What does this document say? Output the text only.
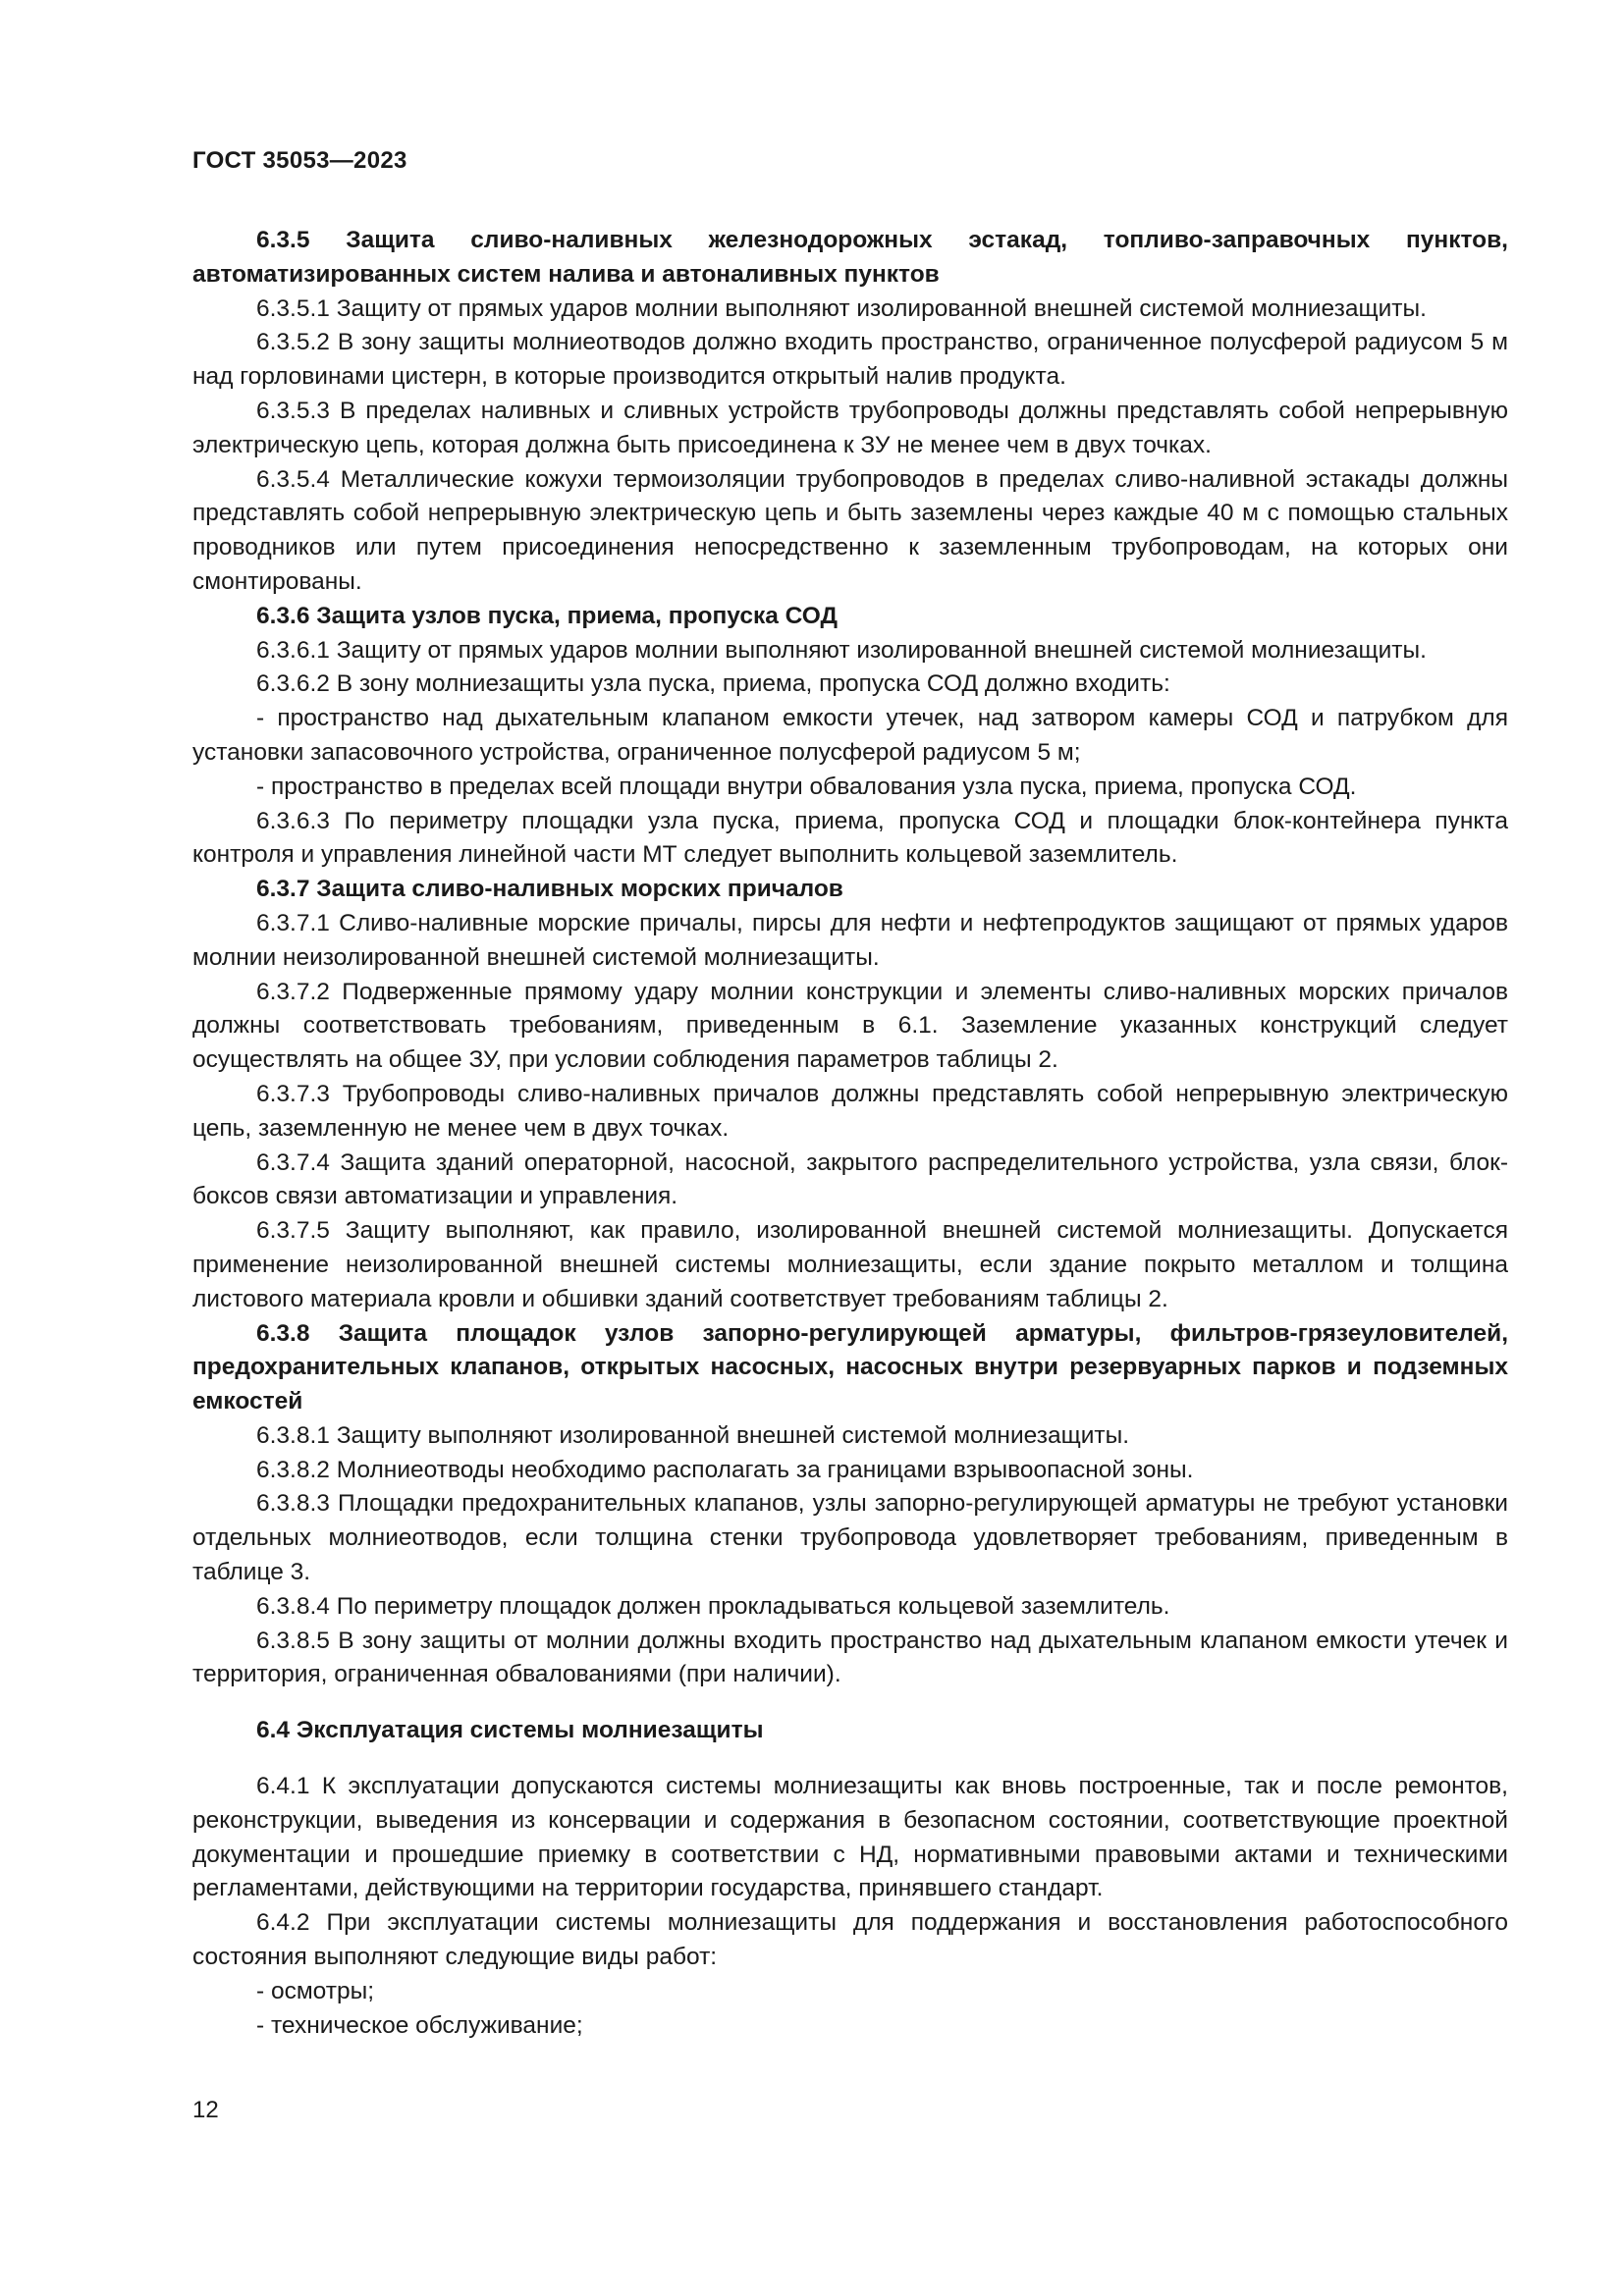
ГОСТ 35053—2023

6.3.5 Защита сливо-наливных железнодорожных эстакад, топливо-заправочных пунктов, автоматизированных систем налива и автоналивных пунктов

6.3.5.1 Защиту от прямых ударов молнии выполняют изолированной внешней системой молниезащиты.

6.3.5.2 В зону защиты молниеотводов должно входить пространство, ограниченное полусферой радиусом 5 м над горловинами цистерн, в которые производится открытый налив продукта.

6.3.5.3 В пределах наливных и сливных устройств трубопроводы должны представлять собой непрерывную электрическую цепь, которая должна быть присоединена к ЗУ не менее чем в двух точках.

6.3.5.4 Металлические кожухи термоизоляции трубопроводов в пределах сливо-наливной эстакады должны представлять собой непрерывную электрическую цепь и быть заземлены через каждые 40 м с помощью стальных проводников или путем присоединения непосредственно к заземленным трубопроводам, на которых они смонтированы.

6.3.6 Защита узлов пуска, приема, пропуска СОД

6.3.6.1 Защиту от прямых ударов молнии выполняют изолированной внешней системой молниезащиты.

6.3.6.2 В зону молниезащиты узла пуска, приема, пропуска СОД должно входить:

- пространство над дыхательным клапаном емкости утечек, над затвором камеры СОД и патрубком для установки запасовочного устройства, ограниченное полусферой радиусом 5 м;

- пространство в пределах всей площади внутри обвалования узла пуска, приема, пропуска СОД.

6.3.6.3 По периметру площадки узла пуска, приема, пропуска СОД и площадки блок-контейнера пункта контроля и управления линейной части МТ следует выполнить кольцевой заземлитель.

6.3.7 Защита сливо-наливных морских причалов

6.3.7.1 Сливо-наливные морские причалы, пирсы для нефти и нефтепродуктов защищают от прямых ударов молнии неизолированной внешней системой молниезащиты.

6.3.7.2 Подверженные прямому удару молнии конструкции и элементы сливо-наливных морских причалов должны соответствовать требованиям, приведенным в 6.1. Заземление указанных конструкций следует осуществлять на общее ЗУ, при условии соблюдения параметров таблицы 2.

6.3.7.3 Трубопроводы сливо-наливных причалов должны представлять собой непрерывную электрическую цепь, заземленную не менее чем в двух точках.

6.3.7.4 Защита зданий операторной, насосной, закрытого распределительного устройства, узла связи, блок-боксов связи автоматизации и управления.

6.3.7.5 Защиту выполняют, как правило, изолированной внешней системой молниезащиты. Допускается применение неизолированной внешней системы молниезащиты, если здание покрыто металлом и толщина листового материала кровли и обшивки зданий соответствует требованиям таблицы 2.

6.3.8 Защита площадок узлов запорно-регулирующей арматуры, фильтров-грязеуловителей, предохранительных клапанов, открытых насосных, насосных внутри резервуарных парков и подземных емкостей

6.3.8.1 Защиту выполняют изолированной внешней системой молниезащиты.

6.3.8.2 Молниеотводы необходимо располагать за границами взрывоопасной зоны.

6.3.8.3 Площадки предохранительных клапанов, узлы запорно-регулирующей арматуры не требуют установки отдельных молниеотводов, если толщина стенки трубопровода удовлетворяет требованиям, приведенным в таблице 3.

6.3.8.4 По периметру площадок должен прокладываться кольцевой заземлитель.

6.3.8.5 В зону защиты от молнии должны входить пространство над дыхательным клапаном емкости утечек и территория, ограниченная обвалованиями (при наличии).

6.4 Эксплуатация системы молниезащиты

6.4.1 К эксплуатации допускаются системы молниезащиты как вновь построенные, так и после ремонтов, реконструкции, выведения из консервации и содержания в безопасном состоянии, соответствующие проектной документации и прошедшие приемку в соответствии с НД, нормативными правовыми актами и техническими регламентами, действующими на территории государства, принявшего стандарт.

6.4.2 При эксплуатации системы молниезащиты для поддержания и восстановления работоспособного состояния выполняют следующие виды работ:

- осмотры;

- техническое обслуживание;

12
